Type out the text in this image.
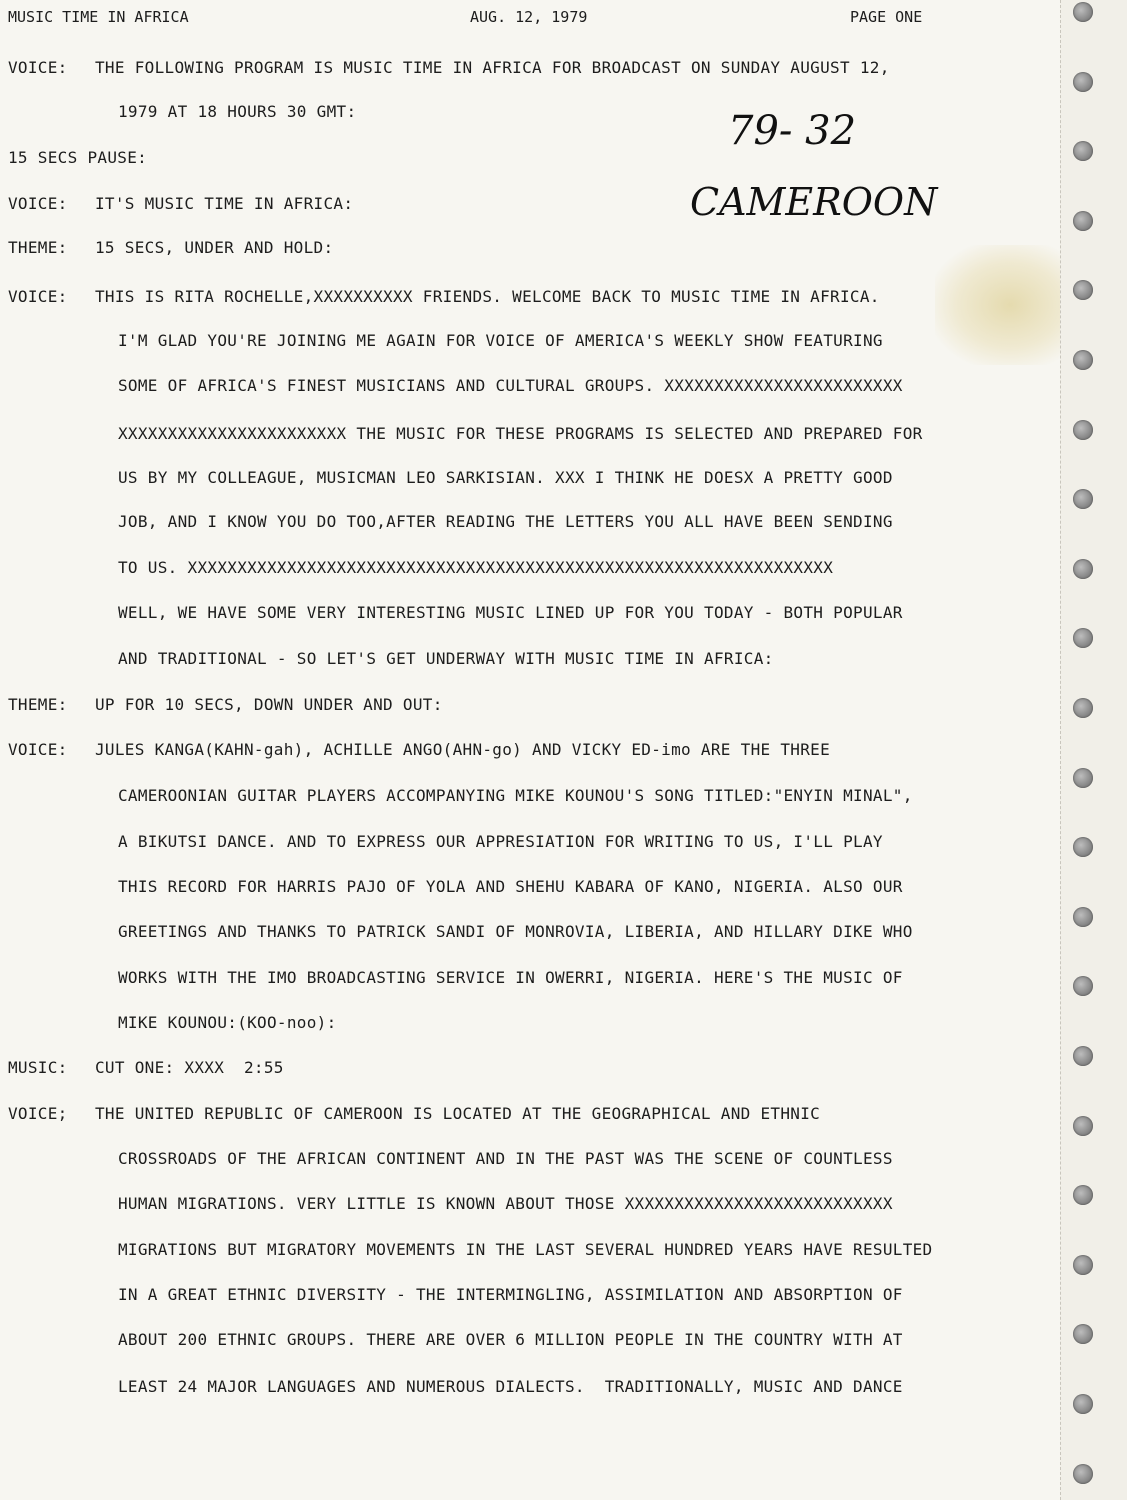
MUSIC TIME IN AFRICA	AUG. 12, 1979	PAGE ONE
79- 32
CAMEROON
VOICE: THE FOLLOWING PROGRAM IS MUSIC TIME IN AFRICA FOR BROADCAST ON SUNDAY AUGUST 12,
1979 AT 18 HOURS 30 GMT:
15 SECS PAUSE:
VOICE: IT'S MUSIC TIME IN AFRICA:
THEME: 15 SECS, UNDER AND HOLD:
VOICE: THIS IS RITA ROCHELLE,XXXXXXXXXX FRIENDS. WELCOME BACK TO MUSIC TIME IN AFRICA.
I'M GLAD YOU'RE JOINING ME AGAIN FOR VOICE OF AMERICA'S WEEKLY SHOW FEATURING
SOME OF AFRICA'S FINEST MUSICIANS AND CULTURAL GROUPS. XXXXXXXXXXXXXXXXXXXXXXXX
XXXXXXXXXXXXXXXXXXXXXXX THE MUSIC FOR THESE PROGRAMS IS SELECTED AND PREPARED FOR
US BY MY COLLEAGUE, MUSICMAN LEO SARKISIAN. XXX I THINK HE DOESX A PRETTY GOOD
JOB, AND I KNOW YOU DO TOO,AFTER READING THE LETTERS YOU ALL HAVE BEEN SENDING
TO US. XXXXXXXXXXXXXXXXXXXXXXXXXXXXXXXXXXXXXXXXXXXXXXXXXXXXXXXXXXXXXXXXX
WELL, WE HAVE SOME VERY INTERESTING MUSIC LINED UP FOR YOU TODAY - BOTH POPULAR
AND TRADITIONAL - SO LET'S GET UNDERWAY WITH MUSIC TIME IN AFRICA:
THEME: UP FOR 10 SECS, DOWN UNDER AND OUT:
VOICE: JULES KANGA(KAHN-gah), ACHILLE ANGO(AHN-go) AND VICKY ED-imo ARE THE THREE
CAMEROONIAN GUITAR PLAYERS ACCOMPANYING MIKE KOUNOU'S SONG TITLED:"ENYIN MINAL",
A BIKUTSI DANCE. AND TO EXPRESS OUR APPRESIATION FOR WRITING TO US, I'LL PLAY
THIS RECORD FOR HARRIS PAJO OF YOLA AND SHEHU KABARA OF KANO, NIGERIA. ALSO OUR
GREETINGS AND THANKS TO PATRICK SANDI OF MONROVIA, LIBERIA, AND HILLARY DIKE WHO
WORKS WITH THE IMO BROADCASTING SERVICE IN OWERRI, NIGERIA. HERE'S THE MUSIC OF
MIKE KOUNOU:(KOO-noo):
MUSIC: CUT ONE: XXXX  2:55
VOICE; THE UNITED REPUBLIC OF CAMEROON IS LOCATED AT THE GEOGRAPHICAL AND ETHNIC
CROSSROADS OF THE AFRICAN CONTINENT AND IN THE PAST WAS THE SCENE OF COUNTLESS
HUMAN MIGRATIONS. VERY LITTLE IS KNOWN ABOUT THOSE XXXXXXXXXXXXXXXXXXXXXXXXXXX
MIGRATIONS BUT MIGRATORY MOVEMENTS IN THE LAST SEVERAL HUNDRED YEARS HAVE RESULTED
IN A GREAT ETHNIC DIVERSITY - THE INTERMINGLING, ASSIMILATION AND ABSORPTION OF
ABOUT 200 ETHNIC GROUPS. THERE ARE OVER 6 MILLION PEOPLE IN THE COUNTRY WITH AT
LEAST 24 MAJOR LANGUAGES AND NUMEROUS DIALECTS.  TRADITIONALLY, MUSIC AND DANCE
